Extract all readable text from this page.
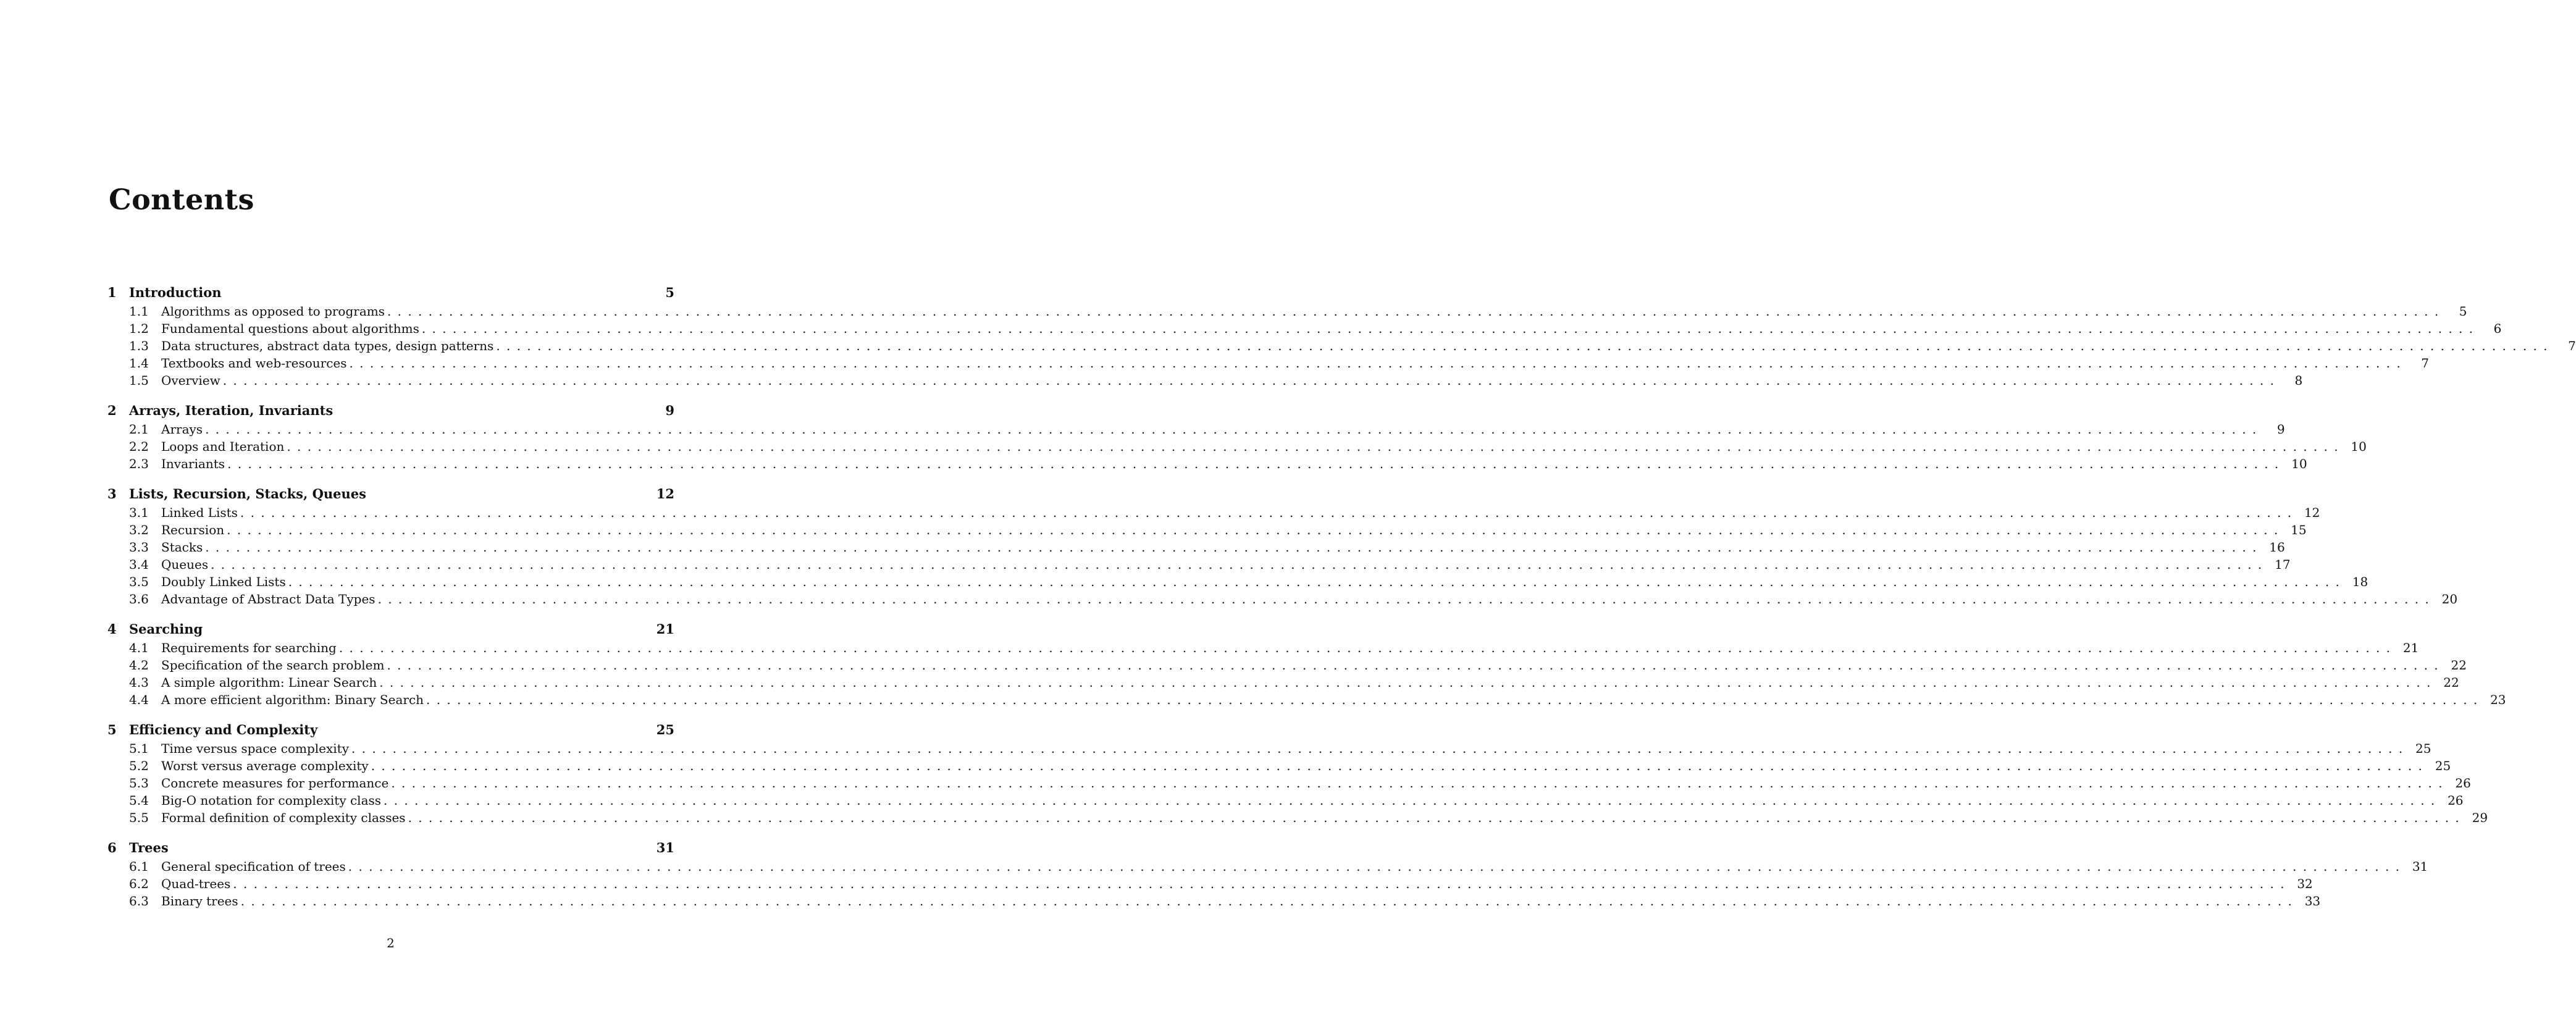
Contents
1 Introduction	5
1.1	Algorithms as opposed to programs ........................................................................................................................................................................................................	5
1.2	Fundamental questions about algorithms ........................................................................................................................................................................................................	6
1.3	Data structures, abstract data types, design patterns ........................................................................................................................................................................................................	7
1.4	Textbooks and web-resources ........................................................................................................................................................................................................	7
1.5	Overview ........................................................................................................................................................................................................	8
2 Arrays, Iteration, Invariants	9
2.1	Arrays ........................................................................................................................................................................................................	9
2.2	Loops and Iteration ........................................................................................................................................................................................................ 10
2.3	Invariants ........................................................................................................................................................................................................ 10
3 Lists, Recursion, Stacks, Queues	12
3.1	Linked Lists ........................................................................................................................................................................................................ 12
3.2	Recursion ........................................................................................................................................................................................................ 15
3.3	Stacks ........................................................................................................................................................................................................ 16
3.4	Queues ........................................................................................................................................................................................................ 17
3.5	Doubly Linked Lists ........................................................................................................................................................................................................ 18
3.6	Advantage of Abstract Data Types ........................................................................................................................................................................................................ 20
4 Searching	21
4.1	Requirements for searching ........................................................................................................................................................................................................ 21
4.2	Specification of the search problem ........................................................................................................................................................................................................ 22
4.3	A simple algorithm: Linear Search ........................................................................................................................................................................................................ 22
4.4	A more efficient algorithm: Binary Search ........................................................................................................................................................................................................ 23
5 Efficiency and Complexity	25
5.1	Time versus space complexity ........................................................................................................................................................................................................ 25
5.2	Worst versus average complexity ........................................................................................................................................................................................................ 25
5.3	Concrete measures for performance ........................................................................................................................................................................................................ 26
5.4	Big-O notation for complexity class ........................................................................................................................................................................................................ 26
5.5	Formal definition of complexity classes ........................................................................................................................................................................................................ 29
6 Trees	31
6.1	General specification of trees ........................................................................................................................................................................................................ 31
6.2	Quad-trees ........................................................................................................................................................................................................ 32
6.3	Binary trees ........................................................................................................................................................................................................ 33
2
